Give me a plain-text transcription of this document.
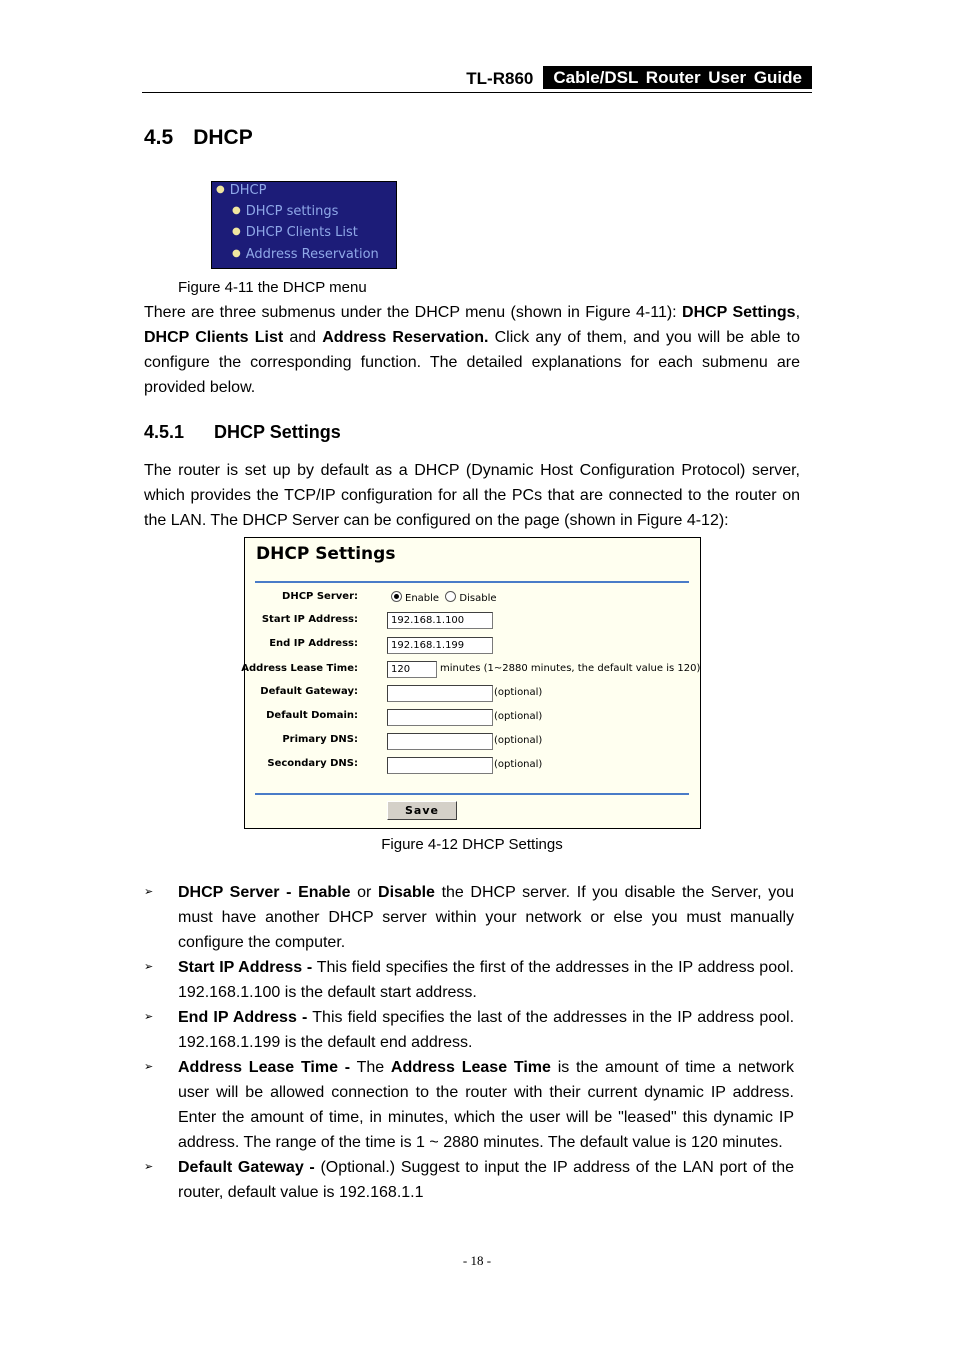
TL-R860	Cable/DSL Router User Guide
4.5 DHCP
● DHCP
● DHCP settings
● DHCP Clients List
● Address Reservation
Figure 4-11 the DHCP menu

There are three submenus under the DHCP menu (shown in Figure 4-11): DHCP Settings, DHCP Clients List and Address Reservation. Click any of them, and you will be able to configure the corresponding function. The detailed explanations for each submenu are provided below.

4.5.1 DHCP Settings

The router is set up by default as a DHCP (Dynamic Host Configuration Protocol) server, which provides the TCP/IP configuration for all the PCs that are connected to the router on the LAN. The DHCP Server can be configured on the page (shown in Figure 4-12):

DHCP Settings
DHCP Server:	Enable Disable
Start IP Address:	192.168.1.100
End IP Address:	192.168.1.199
Address Lease Time:	120	minutes (1~2880 minutes, the default value is 120)
Default Gateway:	(optional)
Default Domain:	(optional)
Primary DNS:	(optional)
Secondary DNS:	(optional)
Save
Figure 4-12 DHCP Settings
➢ DHCP Server - Enable or Disable the DHCP server. If you disable the Server, you must have another DHCP server within your network or else you must manually configure the computer.
➢ Start IP Address - This field specifies the first of the addresses in the IP address pool. 192.168.1.100 is the default start address.
➢ End IP Address - This field specifies the last of the addresses in the IP address pool. 192.168.1.199 is the default end address.
➢ Address Lease Time - The Address Lease Time is the amount of time a network user will be allowed connection to the router with their current dynamic IP address. Enter the amount of time, in minutes, which the user will be "leased" this dynamic IP address. The range of the time is 1 ~ 2880 minutes. The default value is 120 minutes.
➢ Default Gateway - (Optional.) Suggest to input the IP address of the LAN port of the router, default value is 192.168.1.1
- 18 -
